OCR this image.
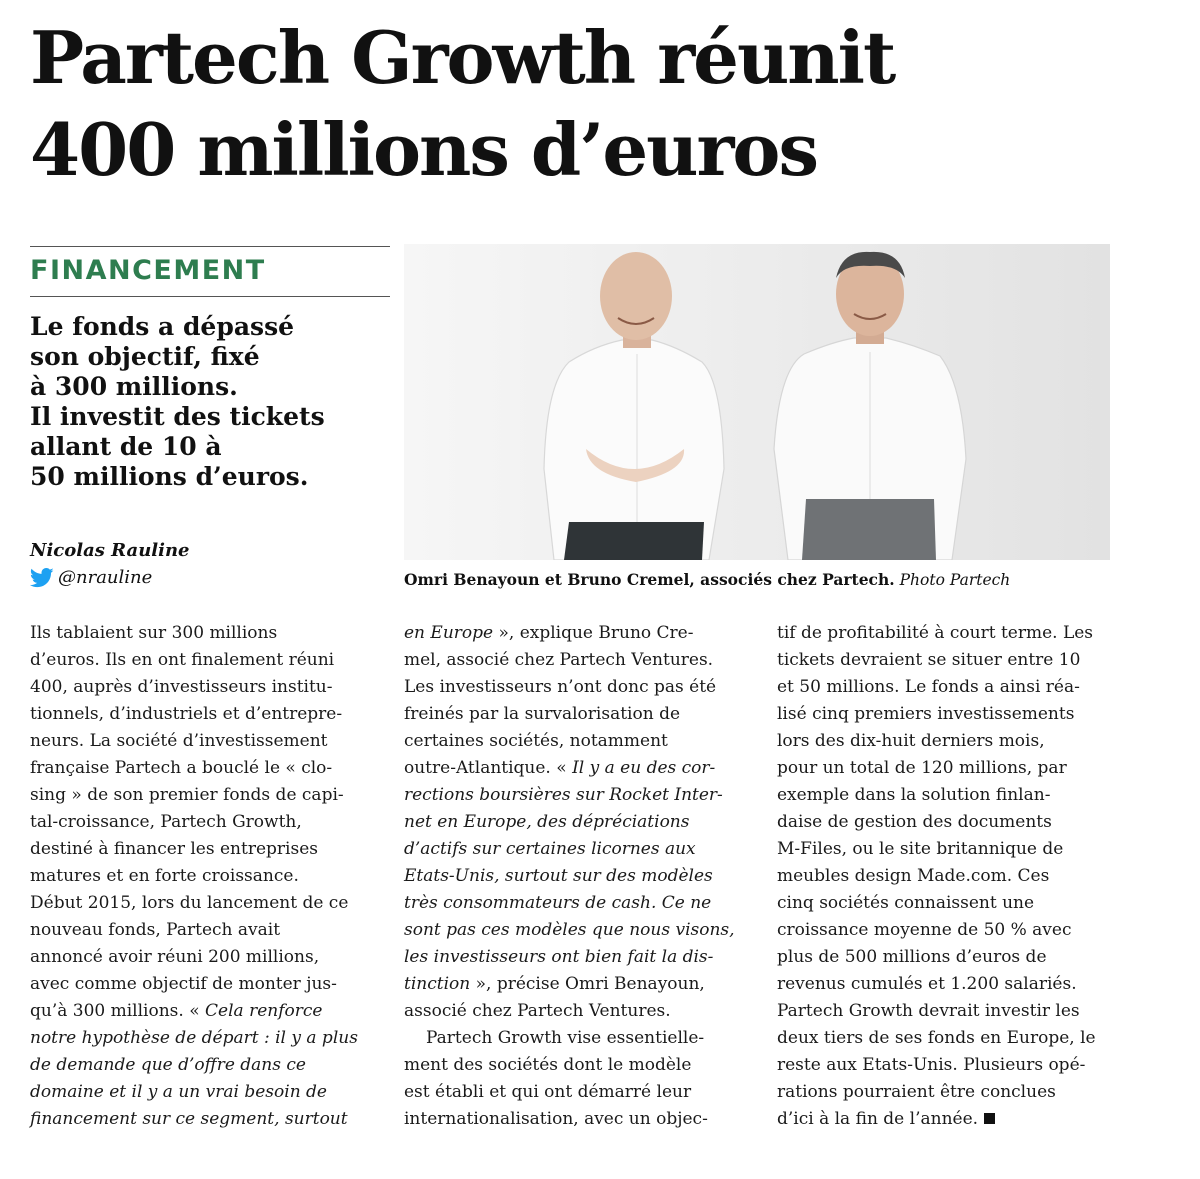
Partech Growth réunit
400 millions d’euros
FINANCEMENT
Le fonds a dépassé
son objectif, fixé
à 300 millions.
Il investit des tickets
allant de 10 à
50 millions d’euros.
Nicolas Rauline
@nrauline	Omri Benayoun et Bruno Cremel, associés chez Partech. Photo Partech
Ils tablaient sur 300 millions
d’euros. Ils en ont finalement réuni
400, auprès d’investisseurs institu-
tionnels, d’industriels et d’entrepre-
neurs. La société d’investissement
française Partech a bouclé le « clo-
sing » de son premier fonds de capi-
tal-croissance, Partech Growth,
destiné à financer les entreprises
matures et en forte croissance.
Début 2015, lors du lancement de ce
nouveau fonds, Partech avait
annoncé avoir réuni 200 millions,
avec comme objectif de monter jus-
qu’à 300 millions. « Cela renforce
notre hypothèse de départ : il y a plus
de demande que d’offre dans ce
domaine et il y a un vrai besoin de
financement sur ce segment, surtout
en Europe », explique Bruno Cre-
mel, associé chez Partech Ventures.
Les investisseurs n’ont donc pas été
freinés par la survalorisation de
certaines sociétés, notamment
outre-Atlantique. « Il y a eu des cor-
rections boursières sur Rocket Inter-
net en Europe, des dépréciations
d’actifs sur certaines licornes aux
Etats-Unis, surtout sur des modèles
très consommateurs de cash. Ce ne
sont pas ces modèles que nous visons,
les investisseurs ont bien fait la dis-
tinction », précise Omri Benayoun,
associé chez Partech Ventures.
Partech Growth vise essentielle-
ment des sociétés dont le modèle
est établi et qui ont démarré leur
internationalisation, avec un objec-
tif de profitabilité à court terme. Les
tickets devraient se situer entre 10
et 50 millions. Le fonds a ainsi réa-
lisé cinq premiers investissements
lors des dix-huit derniers mois,
pour un total de 120 millions, par
exemple dans la solution finlan-
daise de gestion des documents
M-Files, ou le site britannique de
meubles design Made.com. Ces
cinq sociétés connaissent une
croissance moyenne de 50 % avec
plus de 500 millions d’euros de
revenus cumulés et 1.200 salariés.
Partech Growth devrait investir les
deux tiers de ses fonds en Europe, le
reste aux Etats-Unis. Plusieurs opé-
rations pourraient être conclues
d’ici à la fin de l’année.
